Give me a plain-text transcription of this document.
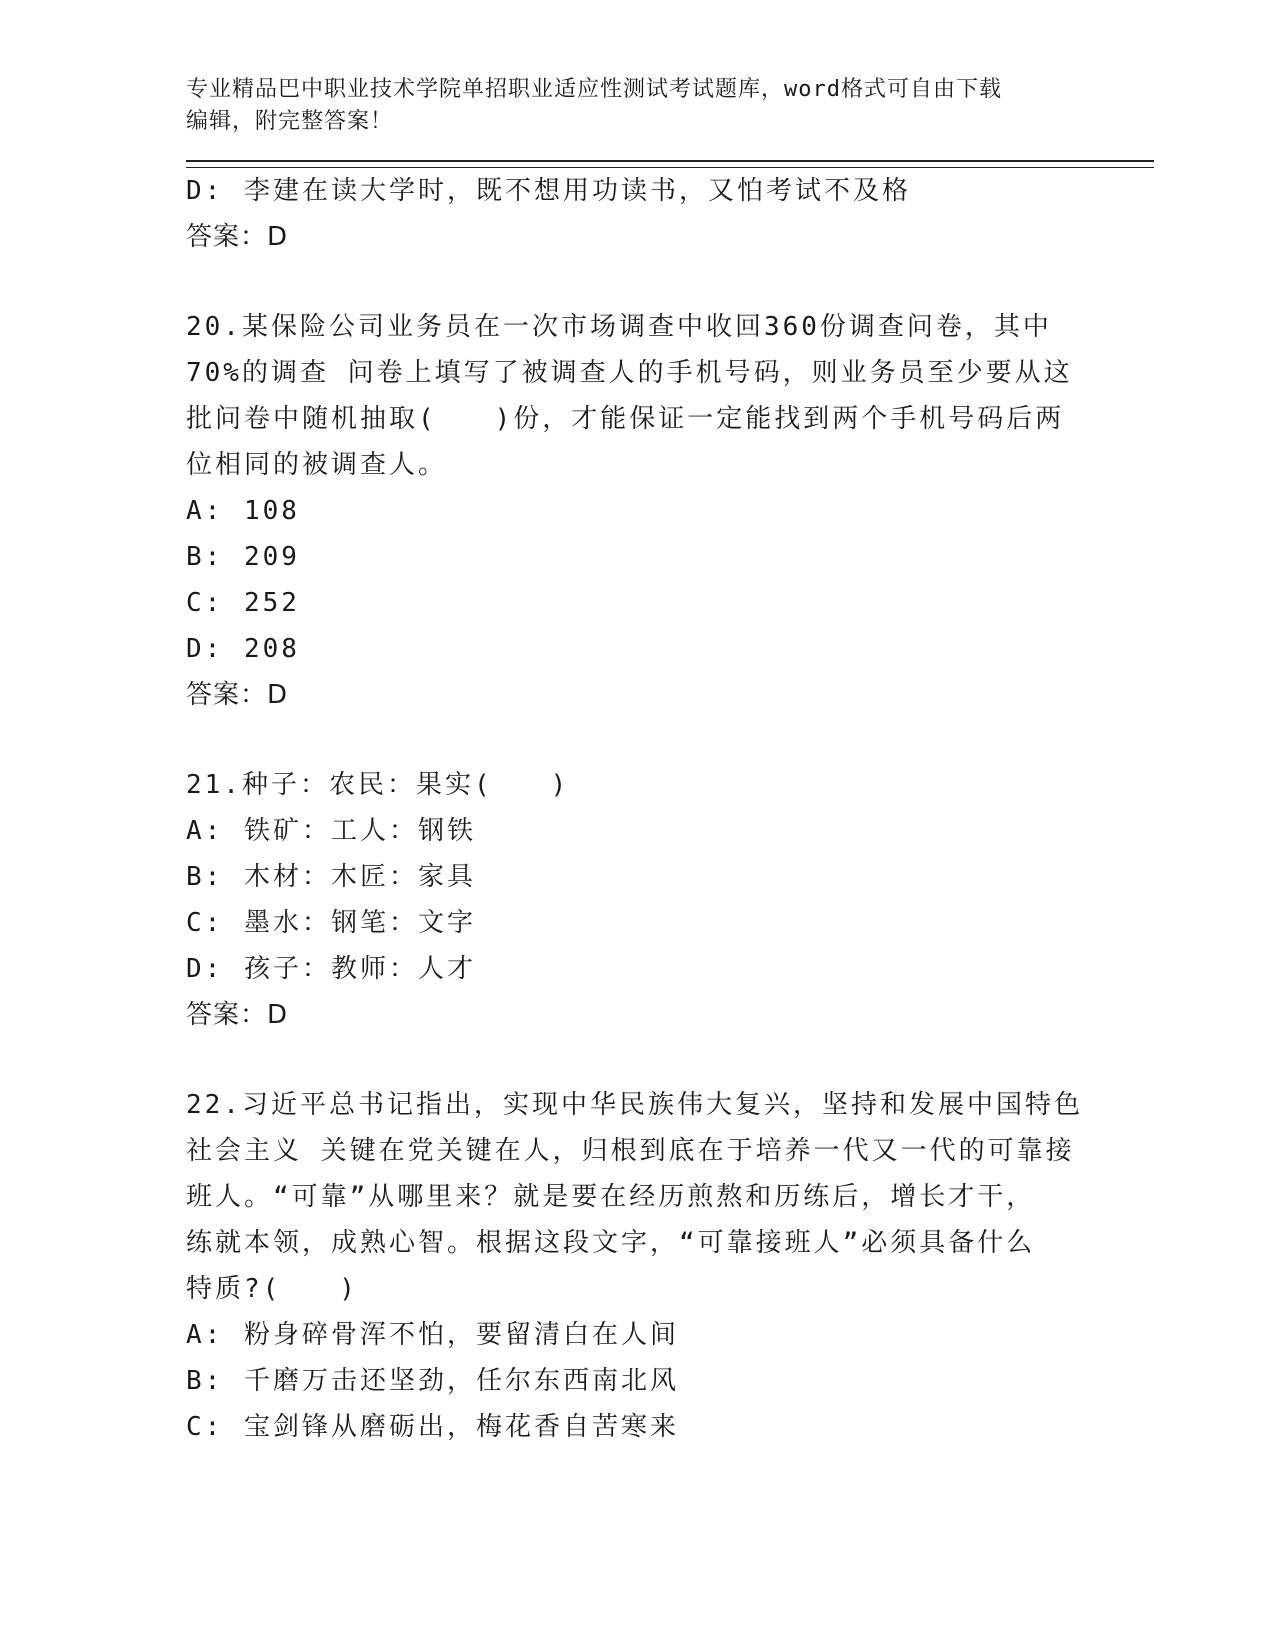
专业精品巴中职业技术学院单招职业适应性测试考试题库，word格式可自由下载
编辑，附完整答案！
D: 李建在读大学时，既不想用功读书，又怕考试不及格
答案：D
20.某保险公司业务员在一次市场调查中收回360份调查问卷，其中
70%的调查 问卷上填写了被调查人的手机号码，则业务员至少要从这
批问卷中随机抽取(　　)份，才能保证一定能找到两个手机号码后两
位相同的被调查人。
A: 108
B: 209
C: 252
D: 208
答案：D
21.种子：农民：果实(　　)
A: 铁矿：工人：钢铁
B: 木材：木匠：家具
C: 墨水：钢笔：文字
D: 孩子：教师：人才
答案：D
22.习近平总书记指出，实现中华民族伟大复兴，坚持和发展中国特色
社会主义 关键在党关键在人，归根到底在于培养一代又一代的可靠接
班人。“可靠”从哪里来？就是要在经历煎熬和历练后，增长才干，
练就本领，成熟心智。根据这段文字，“可靠接班人”必须具备什么
特质?(　　)
A: 粉身碎骨浑不怕，要留清白在人间
B: 千磨万击还坚劲，任尔东西南北风
C: 宝剑锋从磨砺出，梅花香自苦寒来
